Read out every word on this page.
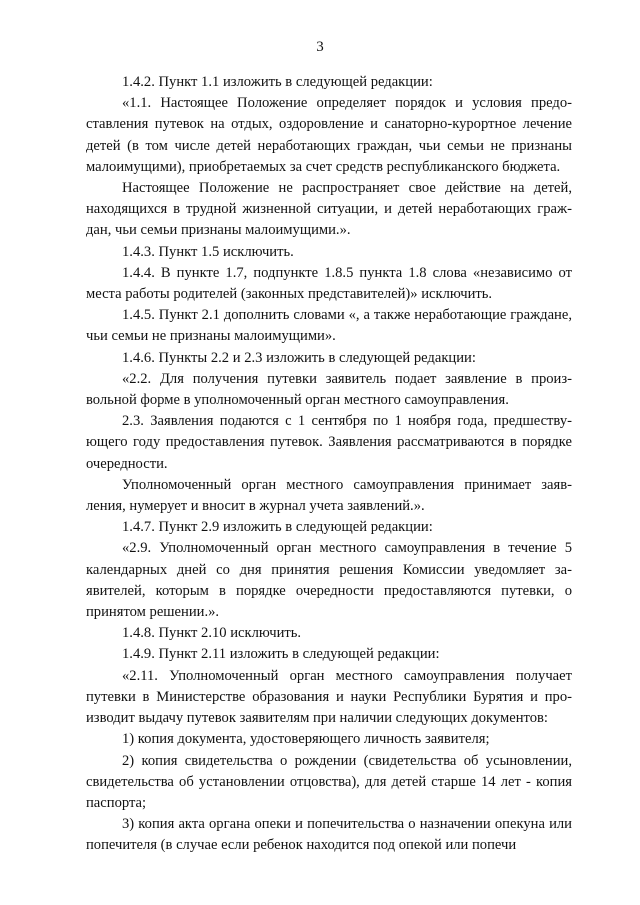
3

1.4.2. Пункт 1.1 изложить в следующей редакции:

«1.1. Настоящее Положение определяет порядок и условия предоставления путевок на отдых, оздоровление и санаторно-курортное лечение детей (в том числе детей неработающих граждан, чьи семьи не признаны малоимущими), приобретаемых за счет средств республиканского бюджета.

Настоящее Положение не распространяет свое действие на детей, находящихся в трудной жизненной ситуации, и детей неработающих граждан, чьи семьи признаны малоимущими.».

1.4.3. Пункт 1.5 исключить.

1.4.4. В пункте 1.7, подпункте 1.8.5 пункта 1.8 слова «независимо от места работы родителей (законных представителей)» исключить.

1.4.5. Пункт 2.1 дополнить словами «, а также неработающие граждане, чьи семьи не признаны малоимущими».

1.4.6. Пункты 2.2 и 2.3 изложить в следующей редакции:

«2.2. Для получения путевки заявитель подает заявление в произвольной форме в уполномоченный орган местного самоуправления.

2.3. Заявления подаются с 1 сентября по 1 ноября года, предшествующего году предоставления путевок. Заявления рассматриваются в порядке очередности.

Уполномоченный орган местного самоуправления принимает заявления, нумерует и вносит в журнал учета заявлений.».

1.4.7. Пункт 2.9 изложить в следующей редакции:

«2.9. Уполномоченный орган местного самоуправления в течение 5 календарных дней со дня принятия решения Комиссии уведомляет заявителей, которым в порядке очередности предоставляются путевки, о принятом решении.».

1.4.8. Пункт 2.10 исключить.

1.4.9. Пункт 2.11 изложить в следующей редакции:

«2.11. Уполномоченный орган местного самоуправления получает путевки в Министерстве образования и науки Республики Бурятия и производит выдачу путевок заявителям при наличии следующих документов:

1) копия документа, удостоверяющего личность заявителя;

2) копия свидетельства о рождении (свидетельства об усыновлении, свидетельства об установлении отцовства), для детей старше 14 лет - копия паспорта;

3) копия акта органа опеки и попечительства о назначении опекуна или попечителя (в случае если ребенок находится под опекой или попечи
